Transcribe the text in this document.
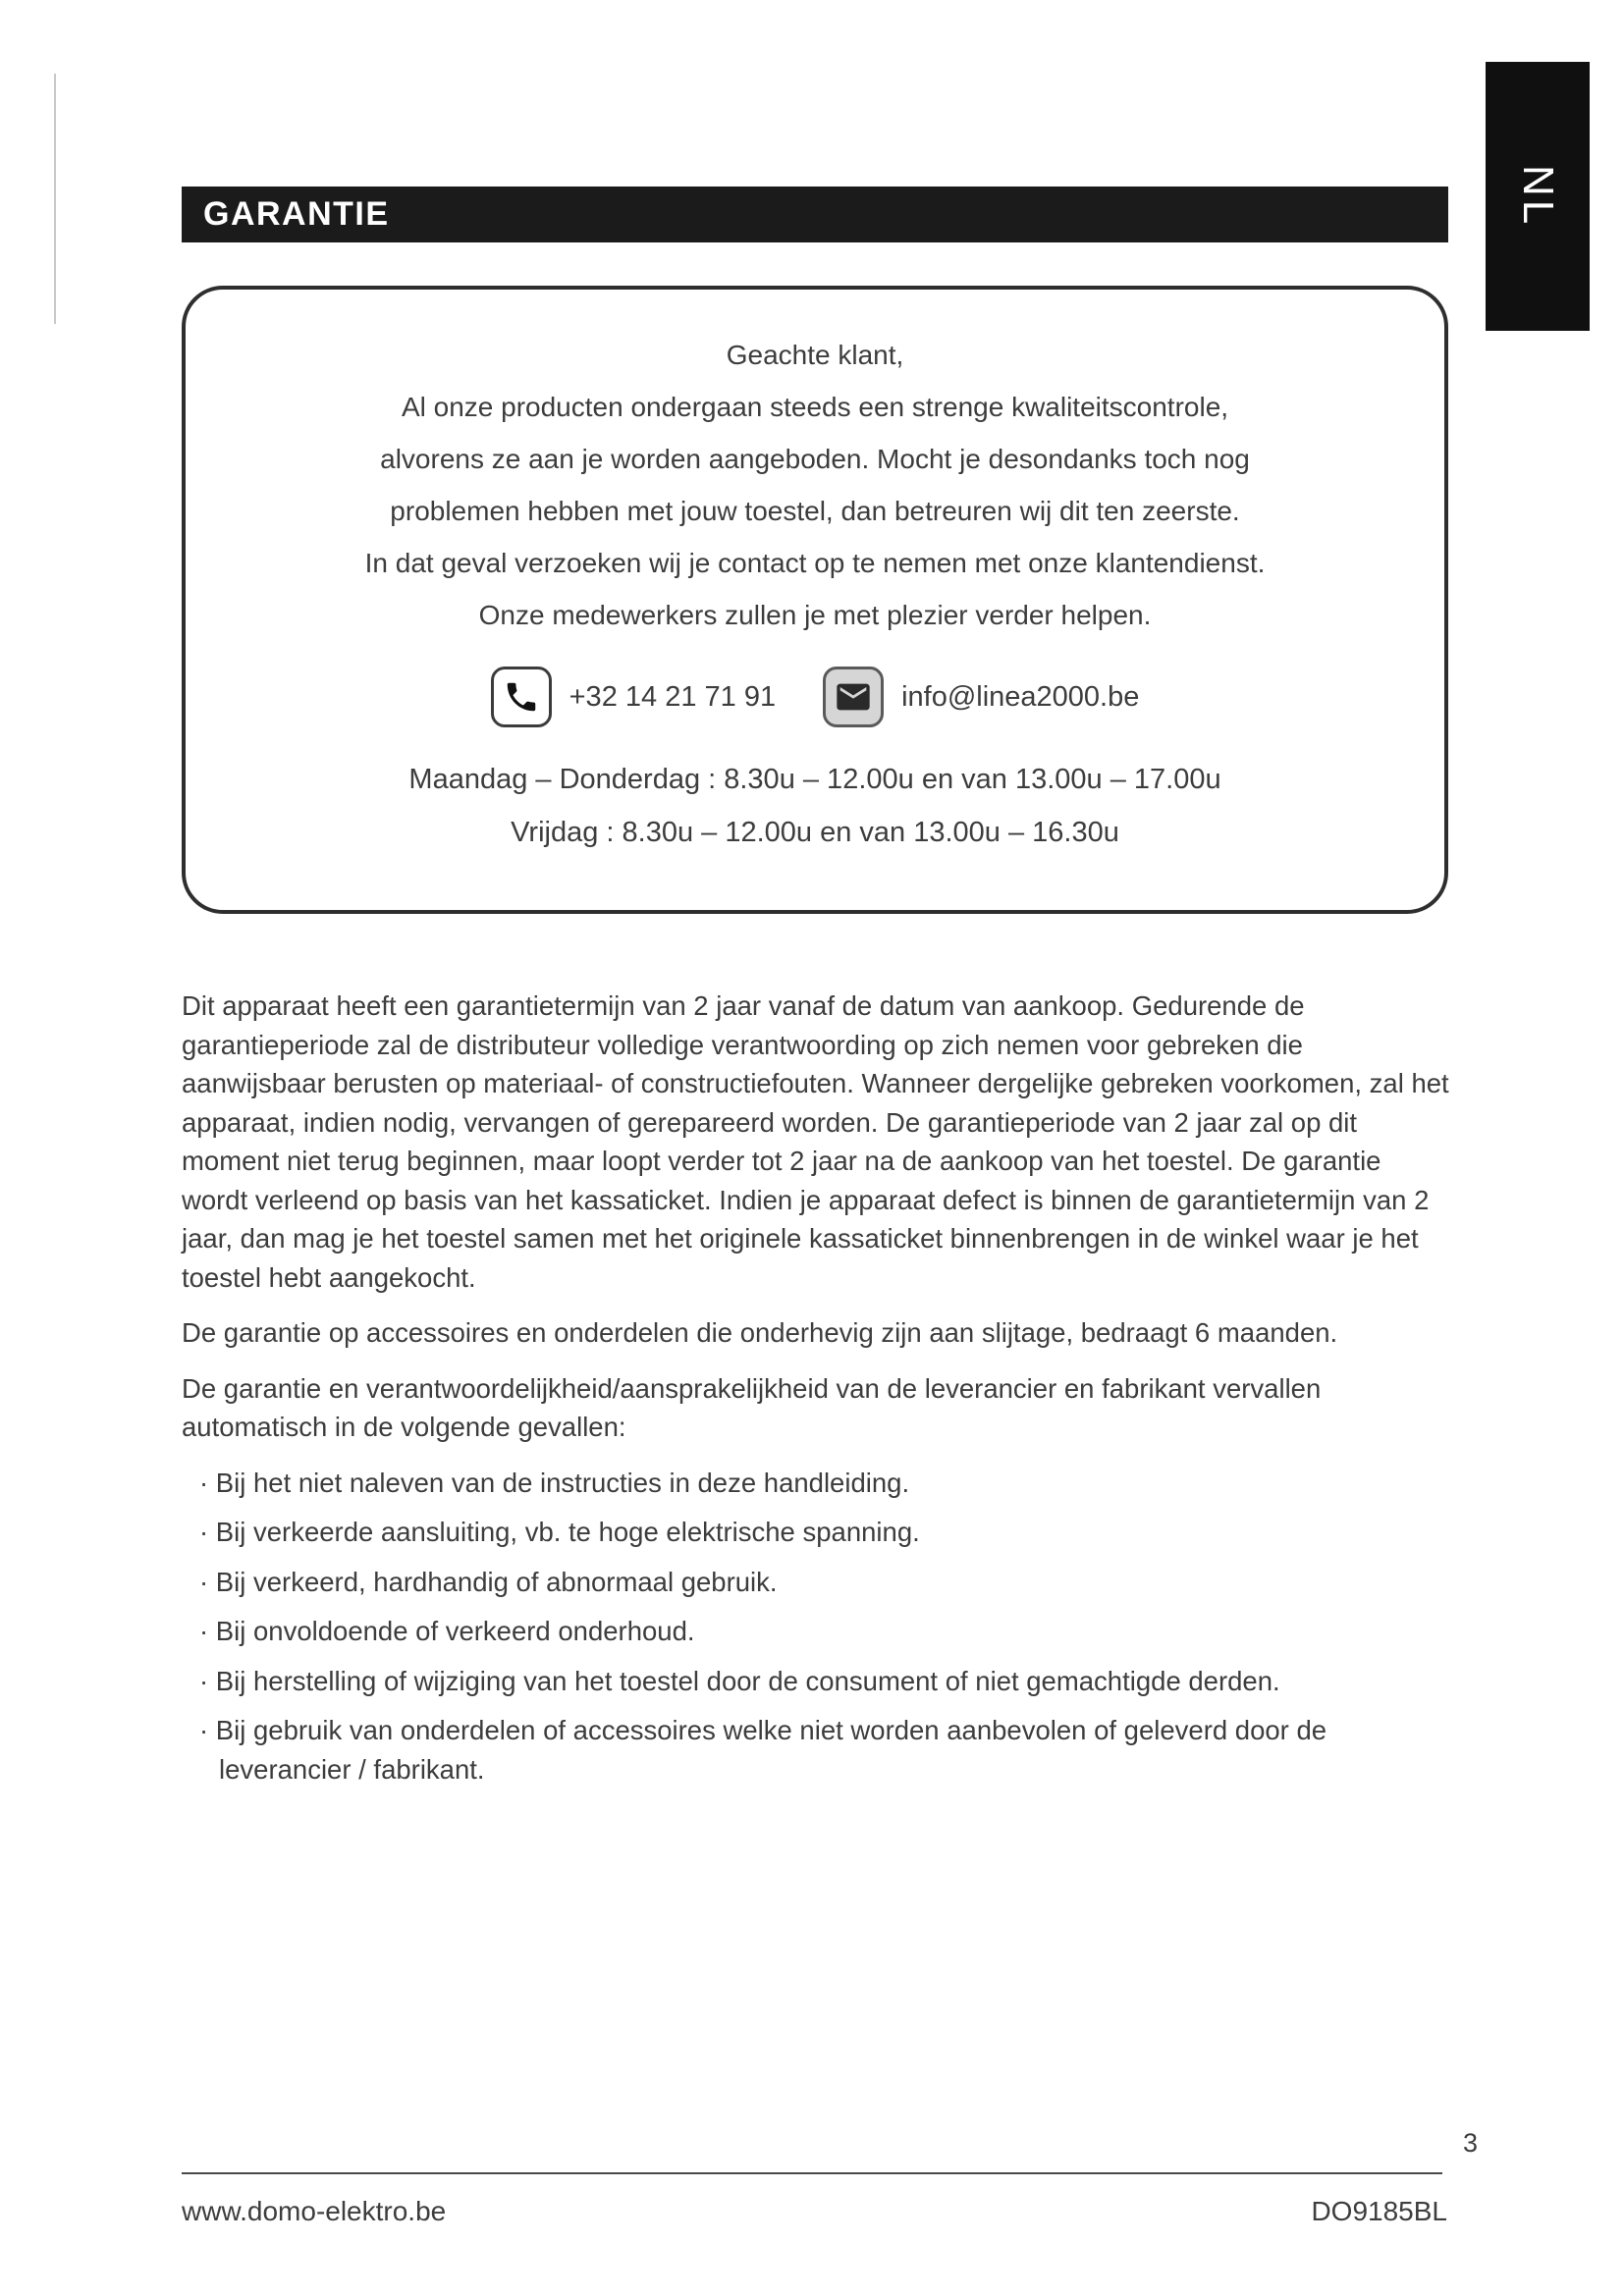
NL
GARANTIE
Geachte klant,
Al onze producten ondergaan steeds een strenge kwaliteitscontrole,
alvorens ze aan je worden aangeboden. Mocht je desondanks toch nog
problemen hebben met jouw toestel, dan betreuren wij dit ten zeerste.
In dat geval verzoeken wij je contact op te nemen met onze klantendienst.
Onze medewerkers zullen je met plezier verder helpen.
+32 14 21 71 91	info@linea2000.be
Maandag – Donderdag : 8.30u – 12.00u en van 13.00u – 17.00u
Vrijdag : 8.30u – 12.00u en van 13.00u – 16.30u

Dit apparaat heeft een garantietermijn van 2 jaar vanaf de datum van aankoop. Gedurende de garantieperiode zal de distributeur volledige verantwoording op zich nemen voor gebreken die aanwijsbaar berusten op materiaal- of constructiefouten. Wanneer dergelijke gebreken voorkomen, zal het apparaat, indien nodig, vervangen of gerepareerd worden. De garantieperiode van 2 jaar zal op dit moment niet terug beginnen, maar loopt verder tot 2 jaar na de aankoop van het toestel. De garantie wordt verleend op basis van het kassaticket. Indien je apparaat defect is binnen de garantietermijn van 2 jaar, dan mag je het toestel samen met het originele kassaticket binnenbrengen in de winkel waar je het toestel hebt aangekocht.

De garantie op accessoires en onderdelen die onderhevig zijn aan slijtage, bedraagt 6 maanden.

De garantie en verantwoordelijkheid/aansprakelijkheid van de leverancier en fabrikant vervallen automatisch in de volgende gevallen:

· Bij het niet naleven van de instructies in deze handleiding.
· Bij verkeerde aansluiting, vb. te hoge elektrische spanning.
· Bij verkeerd, hardhandig of abnormaal gebruik.
· Bij onvoldoende of verkeerd onderhoud.
· Bij herstelling of wijziging van het toestel door de consument of niet gemachtigde derden.
· Bij gebruik van onderdelen of accessoires welke niet worden aanbevolen of geleverd door de leverancier / fabrikant.
3
www.domo-elektro.be	DO9185BL
